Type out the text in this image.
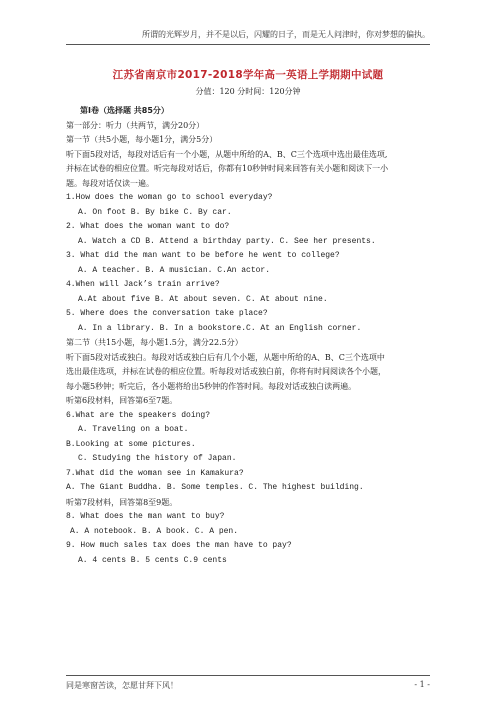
所谓的光辉岁月，并不是以后，闪耀的日子，而是无人问津时，你对梦想的偏执。
江苏省南京市2017-2018学年高一英语上学期期中试题
分值：120 分时间：120分钟
第Ⅰ卷（选择题 共85分）
第一部分：听力（共两节，满分20分）
第一节（共5小题，每小题1分，满分5分）
听下面5段对话，每段对话后有一个小题，从题中所给的A、B、C三个选项中选出最佳选项,
并标在试卷的相应位置。听完每段对话后，你都有10秒钟时间来回答有关小题和阅读下一小
题。每段对话仅读一遍。
1.How does the woman go to school everyday?
A. On foot B. By bike C. By car.
2. What does the woman want to do?
A. Watch a CD B. Attend a birthday party. C. See her presents.
3. What did the man want to be before he went to college?
A. A teacher. B. A musician. C.An actor.
4.When will Jack’s train arrive?
A.At about five B. At about seven. C. At about nine.
5. Where does the conversation take place?
A. In a library. B. In a bookstore.C. At an English corner.
第二节（共15小题，每小题1.5分，满分22.5分）
听下面5段对话或独白。每段对话或独白后有几个小题，从题中所给的A、B、C三个选项中
选出最佳选项，并标在试卷的相应位置。听每段对话或独白前，你将有时间阅读各个小题，
每小题5秒钟；听完后，各小题将给出5秒钟的作答时间。每段对话或独白读两遍。
听第6段材料，回答第6至7题。
6.What are the speakers doing?
A. Traveling on a boat.
B.Looking at some pictures.
C. Studying the history of Japan.
7.What did the woman see in Kamakura?
A. The Giant Buddha. B. Some temples. C. The highest building.
听第7段材料，回答第8至9题。
8. What does the man want to buy?
A. A notebook. B. A book. C. A pen.
9. How much sales tax does the man have to pay?
A. 4 cents B. 5 cents C.9 cents
同是寒窗苦读，怎愿甘拜下风！	- 1 -
